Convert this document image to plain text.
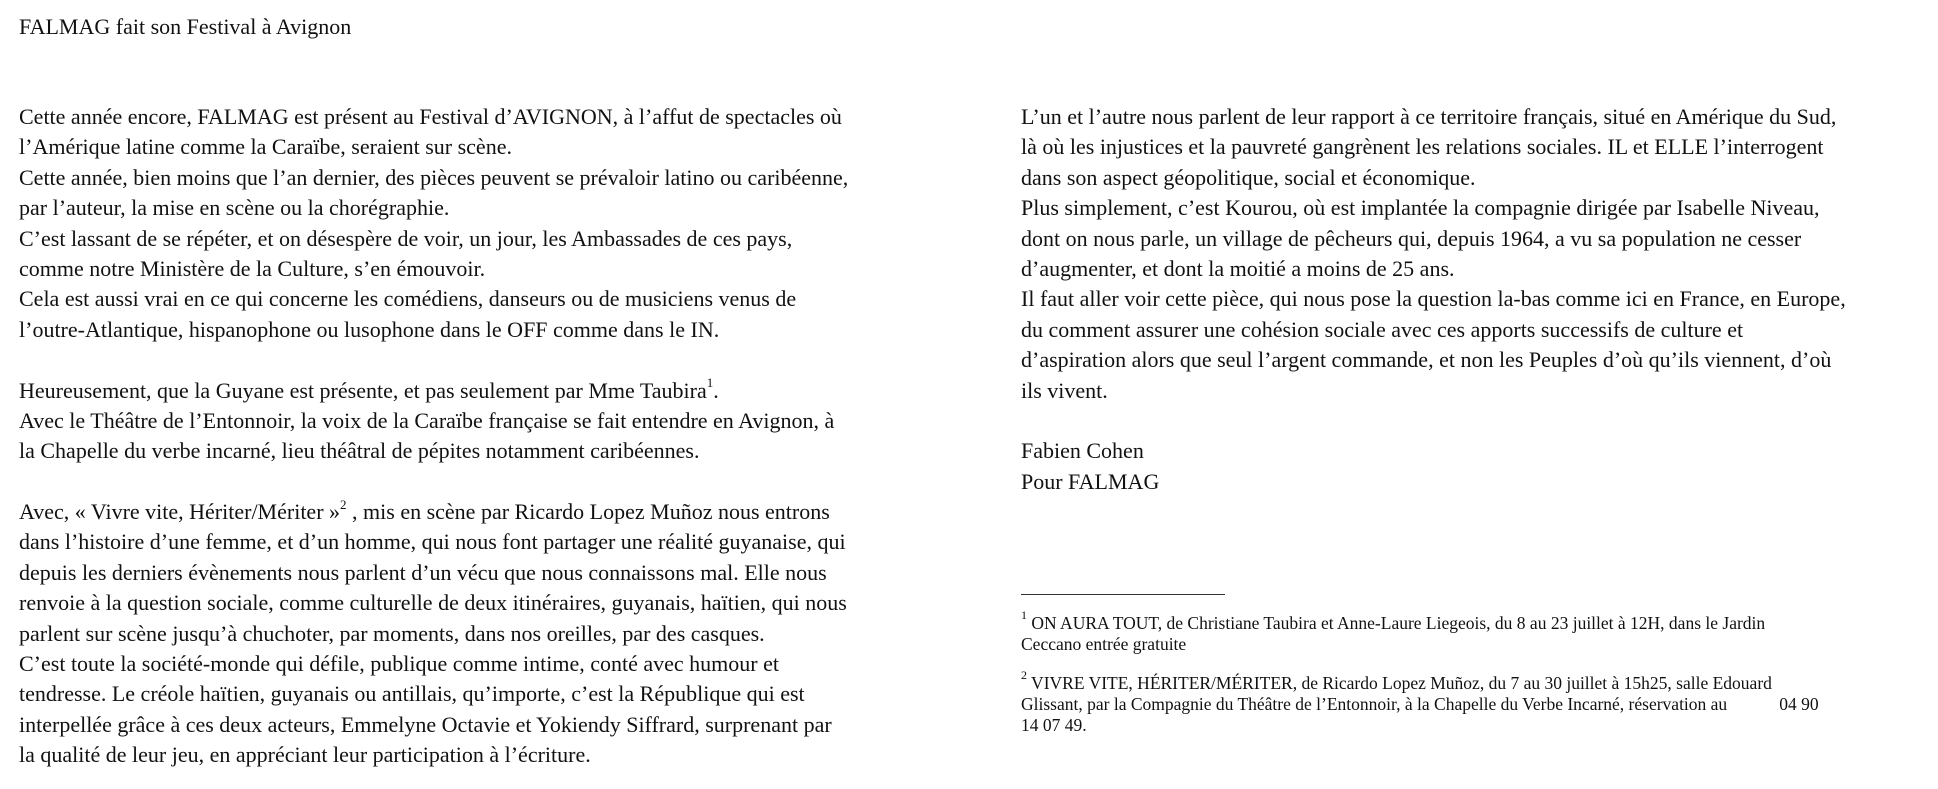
FALMAG fait son Festival à Avignon
Cette année encore, FALMAG est présent au Festival d’AVIGNON, à l’affut de spectacles où
l’Amérique latine comme la Caraïbe, seraient sur scène.
Cette année, bien moins que l’an dernier, des pièces peuvent se prévaloir latino ou caribéenne,
par l’auteur, la mise en scène ou la chorégraphie.
C’est lassant de se répéter, et on désespère de voir, un jour, les Ambassades de ces pays,
comme notre Ministère de la Culture, s’en émouvoir.
Cela est aussi vrai en ce qui concerne les comédiens, danseurs ou de musiciens venus de
l’outre-Atlantique, hispanophone ou lusophone dans le OFF comme dans le IN.
Heureusement, que la Guyane est présente, et pas seulement par Mme Taubira$^1$.
Avec le Théâtre de l’Entonnoir, la voix de la Caraïbe française se fait entendre en Avignon, à
la Chapelle du verbe incarné, lieu théâtral de pépites notamment caribéennes.
Avec, « Vivre vite, Hériter/Mériter »$^2$ , mis en scène par Ricardo Lopez Muñoz nous entrons
dans l’histoire d’une femme, et d’un homme, qui nous font partager une réalité guyanaise, qui
depuis les derniers évènements nous parlent d’un vécu que nous connaissons mal. Elle nous
renvoie à la question sociale, comme culturelle de deux itinéraires, guyanais, haïtien, qui nous
parlent sur scène jusqu’à chuchoter, par moments, dans nos oreilles, par des casques.
C’est toute la société-monde qui défile, publique comme intime, conté avec humour et
tendresse. Le créole haïtien, guyanais ou antillais, qu’importe, c’est la République qui est
interpellée grâce à ces deux acteurs, Emmelyne Octavie et Yokiendy Siffrard, surprenant par
la qualité de leur jeu, en appréciant leur participation à l’écriture.
L’un et l’autre nous parlent de leur rapport à ce territoire français, situé en Amérique du Sud,
là où les injustices et la pauvreté gangrènent les relations sociales. IL et ELLE l’interrogent
dans son aspect géopolitique, social et économique.
Plus simplement, c’est Kourou, où est implantée la compagnie dirigée par Isabelle Niveau,
dont on nous parle, un village de pêcheurs qui, depuis 1964, a vu sa population ne cesser
d’augmenter, et dont la moitié a moins de 25 ans.
Il faut aller voir cette pièce, qui nous pose la question la-bas comme ici en France, en Europe,
du comment assurer une cohésion sociale avec ces apports successifs de culture et
d’aspiration alors que seul l’argent commande, et non les Peuples d’où qu’ils viennent, d’où
ils vivent.
Fabien Cohen
Pour FALMAG
$^1$ ON AURA TOUT, de Christiane Taubira et Anne-Laure Liegeois, du 8 au 23 juillet à 12H, dans le Jardin
Ceccano entrée gratuite
$^2$ VIVRE VITE, HÉRITER/MÉRITER, de Ricardo Lopez Muñoz, du 7 au 30 juillet à 15h25, salle Edouard
Glissant, par la Compagnie du Théâtre de l’Entonnoir, à la Chapelle du Verbe Incarné, réservation au	04 90
14 07 49.
